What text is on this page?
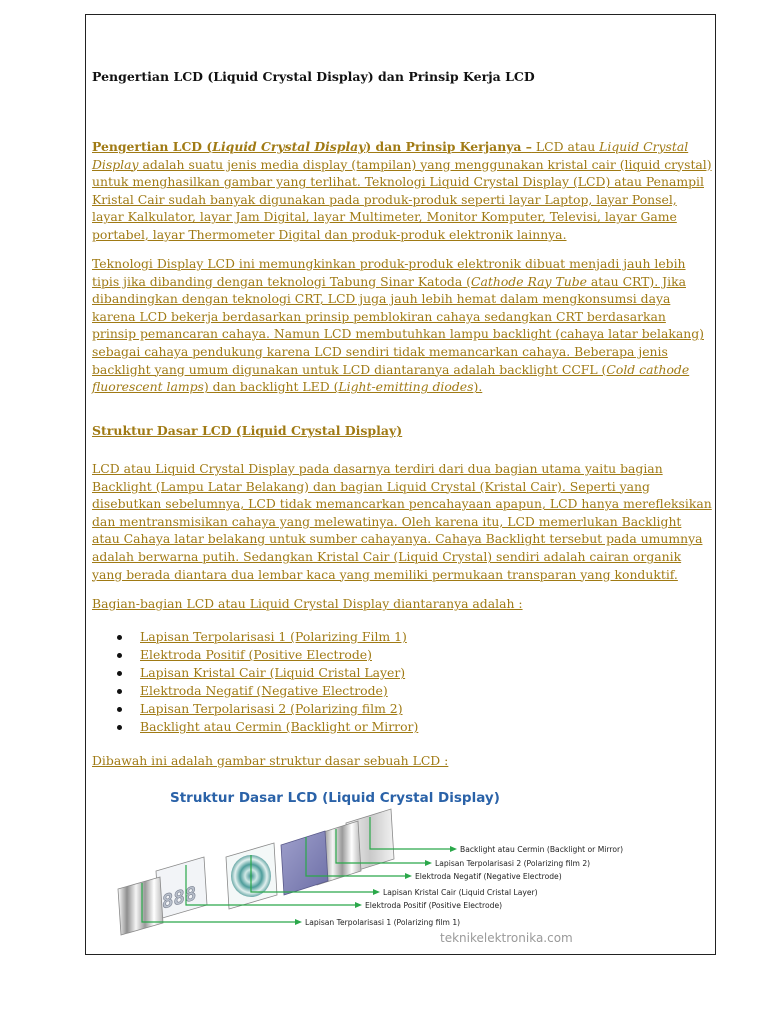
Pengertian LCD (Liquid Crystal Display) dan Prinsip Kerja LCD

Pengertian LCD (Liquid Crystal Display) dan Prinsip Kerjanya – LCD atau Liquid Crystal Display adalah suatu jenis media display (tampilan) yang menggunakan kristal cair (liquid crystal) untuk menghasilkan gambar yang terlihat. Teknologi Liquid Crystal Display (LCD) atau Penampil Kristal Cair sudah banyak digunakan pada produk-produk seperti layar Laptop, layar Ponsel, layar Kalkulator, layar Jam Digital, layar Multimeter, Monitor Komputer, Televisi, layar Game portabel, layar Thermometer Digital dan produk-produk elektronik lainnya.

Teknologi Display LCD ini memungkinkan produk-produk elektronik dibuat menjadi jauh lebih tipis jika dibanding dengan teknologi Tabung Sinar Katoda (Cathode Ray Tube atau CRT). Jika dibandingkan dengan teknologi CRT, LCD juga jauh lebih hemat dalam mengkonsumsi daya karena LCD bekerja berdasarkan prinsip pemblokiran cahaya sedangkan CRT berdasarkan prinsip pemancaran cahaya. Namun LCD membutuhkan lampu backlight (cahaya latar belakang) sebagai cahaya pendukung karena LCD sendiri tidak memancarkan cahaya. Beberapa jenis backlight yang umum digunakan untuk LCD diantaranya adalah backlight CCFL (Cold cathode fluorescent lamps) dan backlight LED (Light-emitting diodes).

Struktur Dasar LCD (Liquid Crystal Display)

LCD atau Liquid Crystal Display pada dasarnya terdiri dari dua bagian utama yaitu bagian Backlight (Lampu Latar Belakang) dan bagian Liquid Crystal (Kristal Cair). Seperti yang disebutkan sebelumnya, LCD tidak memancarkan pencahayaan apapun, LCD hanya merefleksikan dan mentransmisikan cahaya yang melewatinya. Oleh karena itu, LCD memerlukan Backlight atau Cahaya latar belakang untuk sumber cahayanya. Cahaya Backlight tersebut pada umumnya adalah berwarna putih. Sedangkan Kristal Cair (Liquid Crystal) sendiri adalah cairan organik yang berada diantara dua lembar kaca yang memiliki permukaan transparan yang konduktif.

Bagian-bagian LCD atau Liquid Crystal Display diantaranya adalah :

Lapisan Terpolarisasi 1 (Polarizing Film 1)
Elektroda Positif (Positive Electrode)
Lapisan Kristal Cair (Liquid Cristal Layer)
Elektroda Negatif (Negative Electrode)
Lapisan Terpolarisasi 2 (Polarizing film 2)
Backlight atau Cermin (Backlight or Mirror)

Dibawah ini adalah gambar struktur dasar sebuah LCD :

Struktur Dasar LCD (Liquid Crystal Display)
888
Backlight atau Cermin (Backlight or Mirror)
Lapisan Terpolarisasi 2 (Polarizing film 2)
Elektroda Negatif (Negative Electrode)
Lapisan Kristal Cair (Liquid Cristal Layer)
Elektroda Positif (Positive Electrode)
Lapisan Terpolarisasi 1 (Polarizing film 1)
teknikelektronika.com
